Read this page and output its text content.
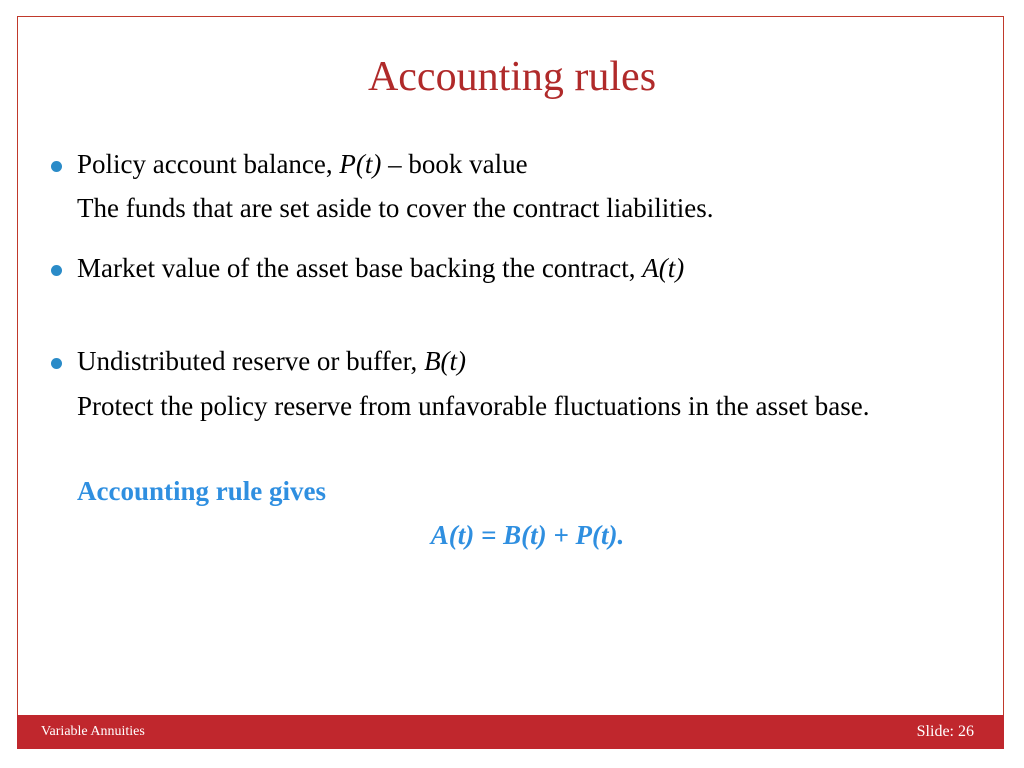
Accounting rules
Policy account balance, P(t) – book value
The funds that are set aside to cover the contract liabilities.
Market value of the asset base backing the contract, A(t)
Undistributed reserve or buffer, B(t)
Protect the policy reserve from unfavorable fluctuations in the asset base.
Accounting rule gives
A(t) = B(t) + P(t).
Variable Annuities	Slide: 26
